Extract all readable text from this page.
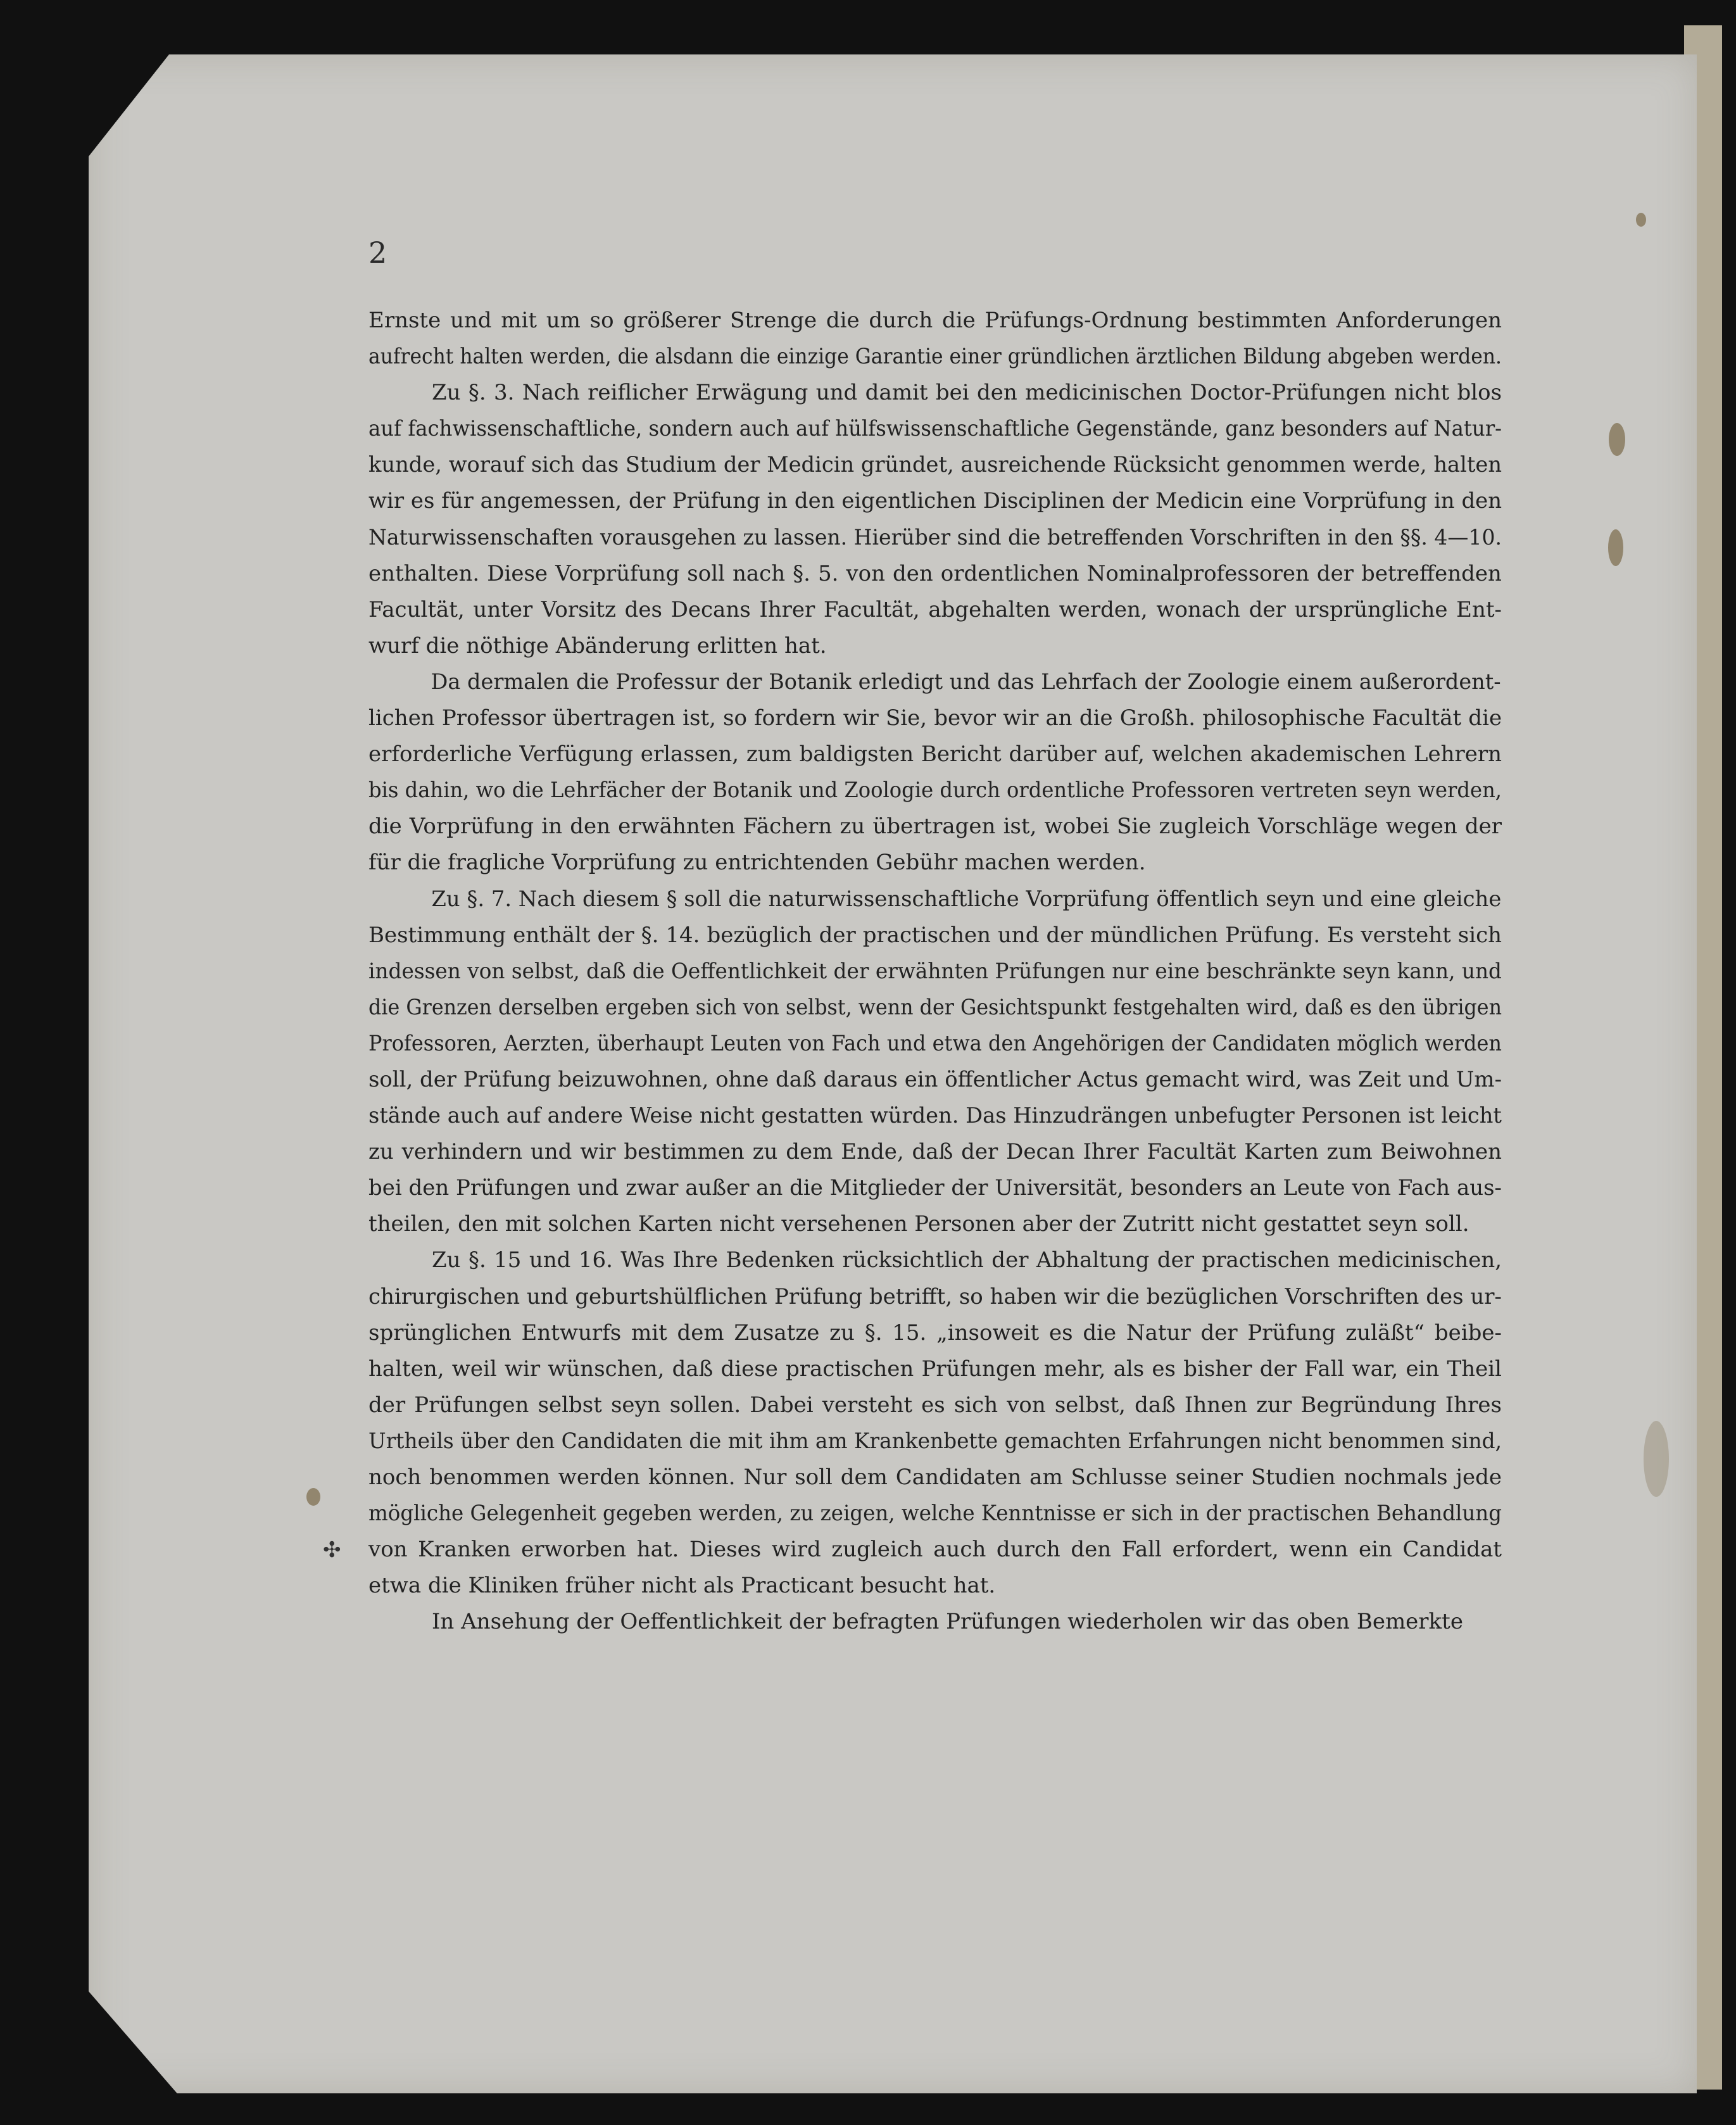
✣
2
Ernste und mit um so größerer Strenge die durch die Prüfungs-Ordnung bestimmten Anforderungen
aufrecht halten werden, die alsdann die einzige Garantie einer gründlichen ärztlichen Bildung abgeben werden.
Zu §. 3. Nach reiflicher Erwägung und damit bei den medicinischen Doctor-Prüfungen nicht blos
auf fachwissenschaftliche, sondern auch auf hülfswissenschaftliche Gegenstände, ganz besonders auf Natur-
kunde, worauf sich das Studium der Medicin gründet, ausreichende Rücksicht genommen werde, halten
wir es für angemessen, der Prüfung in den eigentlichen Disciplinen der Medicin eine Vorprüfung in den
Naturwissenschaften vorausgehen zu lassen. Hierüber sind die betreffenden Vorschriften in den §§. 4—10.
enthalten. Diese Vorprüfung soll nach §. 5. von den ordentlichen Nominalprofessoren der betreffenden
Facultät, unter Vorsitz des Decans Ihrer Facultät, abgehalten werden, wonach der ursprüngliche Ent-
wurf die nöthige Abänderung erlitten hat.
Da dermalen die Professur der Botanik erledigt und das Lehrfach der Zoologie einem außerordent-
lichen Professor übertragen ist, so fordern wir Sie, bevor wir an die Großh. philosophische Facultät die
erforderliche Verfügung erlassen, zum baldigsten Bericht darüber auf, welchen akademischen Lehrern
bis dahin, wo die Lehrfächer der Botanik und Zoologie durch ordentliche Professoren vertreten seyn werden,
die Vorprüfung in den erwähnten Fächern zu übertragen ist, wobei Sie zugleich Vorschläge wegen der
für die fragliche Vorprüfung zu entrichtenden Gebühr machen werden.
Zu §. 7. Nach diesem § soll die naturwissenschaftliche Vorprüfung öffentlich seyn und eine gleiche
Bestimmung enthält der §. 14. bezüglich der practischen und der mündlichen Prüfung. Es versteht sich
indessen von selbst, daß die Oeffentlichkeit der erwähnten Prüfungen nur eine beschränkte seyn kann, und
die Grenzen derselben ergeben sich von selbst, wenn der Gesichtspunkt festgehalten wird, daß es den übrigen
Professoren, Aerzten, überhaupt Leuten von Fach und etwa den Angehörigen der Candidaten möglich werden
soll, der Prüfung beizuwohnen, ohne daß daraus ein öffentlicher Actus gemacht wird, was Zeit und Um-
stände auch auf andere Weise nicht gestatten würden. Das Hinzudrängen unbefugter Personen ist leicht
zu verhindern und wir bestimmen zu dem Ende, daß der Decan Ihrer Facultät Karten zum Beiwohnen
bei den Prüfungen und zwar außer an die Mitglieder der Universität, besonders an Leute von Fach aus-
theilen, den mit solchen Karten nicht versehenen Personen aber der Zutritt nicht gestattet seyn soll.
Zu §. 15 und 16. Was Ihre Bedenken rücksichtlich der Abhaltung der practischen medicinischen,
chirurgischen und geburtshülflichen Prüfung betrifft, so haben wir die bezüglichen Vorschriften des ur-
sprünglichen Entwurfs mit dem Zusatze zu §. 15. „insoweit es die Natur der Prüfung zuläßt“ beibe-
halten, weil wir wünschen, daß diese practischen Prüfungen mehr, als es bisher der Fall war, ein Theil
der Prüfungen selbst seyn sollen. Dabei versteht es sich von selbst, daß Ihnen zur Begründung Ihres
Urtheils über den Candidaten die mit ihm am Krankenbette gemachten Erfahrungen nicht benommen sind,
noch benommen werden können. Nur soll dem Candidaten am Schlusse seiner Studien nochmals jede
mögliche Gelegenheit gegeben werden, zu zeigen, welche Kenntnisse er sich in der practischen Behandlung
von Kranken erworben hat. Dieses wird zugleich auch durch den Fall erfordert, wenn ein Candidat
etwa die Kliniken früher nicht als Practicant besucht hat.
In Ansehung der Oeffentlichkeit der befragten Prüfungen wiederholen wir das oben Bemerkte
